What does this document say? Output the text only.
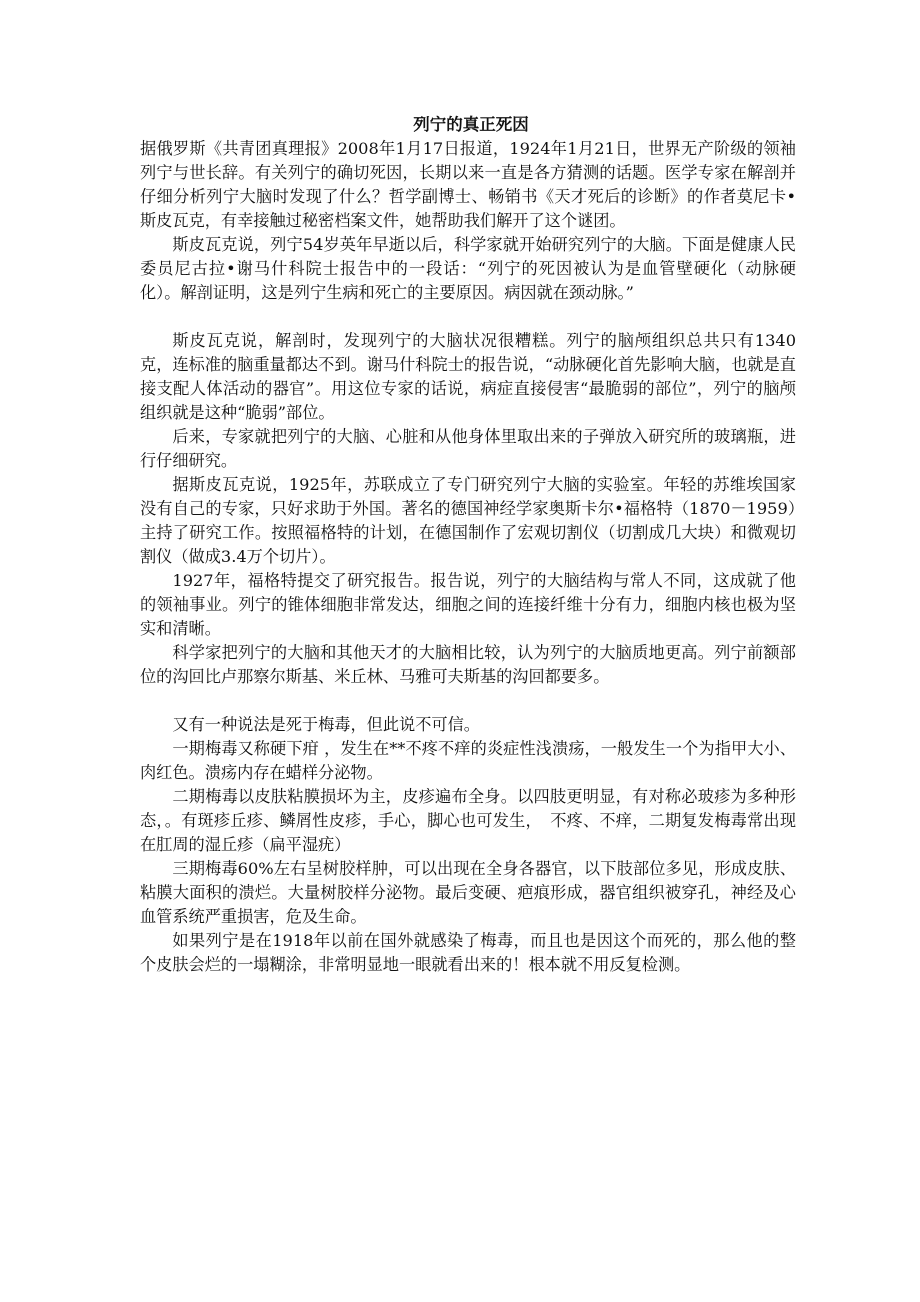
列宁的真正死因

据俄罗斯《共青团真理报》2008年1月17日报道，1924年1月21日，世界无产阶级的领袖列宁与世长辞。有关列宁的确切死因，长期以来一直是各方猜测的话题。医学专家在解剖并仔细分析列宁大脑时发现了什么？哲学副博士、畅销书《天才死后的诊断》的作者莫尼卡•斯皮瓦克，有幸接触过秘密档案文件，她帮助我们解开了这个谜团。

斯皮瓦克说，列宁54岁英年早逝以后，科学家就开始研究列宁的大脑。下面是健康人民委员尼古拉•谢马什科院士报告中的一段话：“列宁的死因被认为是血管壁硬化（动脉硬化）。解剖证明，这是列宁生病和死亡的主要原因。病因就在颈动脉。”

斯皮瓦克说，解剖时，发现列宁的大脑状况很糟糕。列宁的脑颅组织总共只有1340克，连标准的脑重量都达不到。谢马什科院士的报告说，“动脉硬化首先影响大脑，也就是直接支配人体活动的器官”。用这位专家的话说，病症直接侵害“最脆弱的部位”，列宁的脑颅组织就是这种“脆弱”部位。

后来，专家就把列宁的大脑、心脏和从他身体里取出来的子弹放入研究所的玻璃瓶，进行仔细研究。

据斯皮瓦克说，1925年，苏联成立了专门研究列宁大脑的实验室。年轻的苏维埃国家没有自己的专家，只好求助于外国。著名的德国神经学家奥斯卡尔•福格特（1870－1959）主持了研究工作。按照福格特的计划，在德国制作了宏观切割仪（切割成几大块）和微观切割仪（做成3.4万个切片）。

1927年，福格特提交了研究报告。报告说，列宁的大脑结构与常人不同，这成就了他的领袖事业。列宁的锥体细胞非常发达，细胞之间的连接纤维十分有力，细胞内核也极为坚实和清晰。

科学家把列宁的大脑和其他天才的大脑相比较，认为列宁的大脑质地更高。列宁前额部位的沟回比卢那察尔斯基、米丘林、马雅可夫斯基的沟回都要多。

又有一种说法是死于梅毒，但此说不可信。

一期梅毒又称硬下疳 ，发生在**不疼不痒的炎症性浅溃疡，一般发生一个为指甲大小、肉红色。溃疡内存在蜡样分泌物。

二期梅毒以皮肤粘膜损坏为主，皮疹遍布全身。以四肢更明显，有对称必玻疹为多种形态，。有斑疹丘疹、鳞屑性皮疹，手心，脚心也可发生，　不疼、不痒，二期复发梅毒常出现在肛周的湿丘疹（扁平湿疣）

三期梅毒60%左右呈树胶样肿，可以出现在全身各器官，以下肢部位多见，形成皮肤、粘膜大面积的溃烂。大量树胶样分泌物。最后变硬、疤痕形成，器官组织被穿孔，神经及心血管系统严重损害，危及生命。

如果列宁是在1918年以前在国外就感染了梅毒，而且也是因这个而死的，那么他的整个皮肤会烂的一塌糊涂，非常明显地一眼就看出来的！根本就不用反复检测。
